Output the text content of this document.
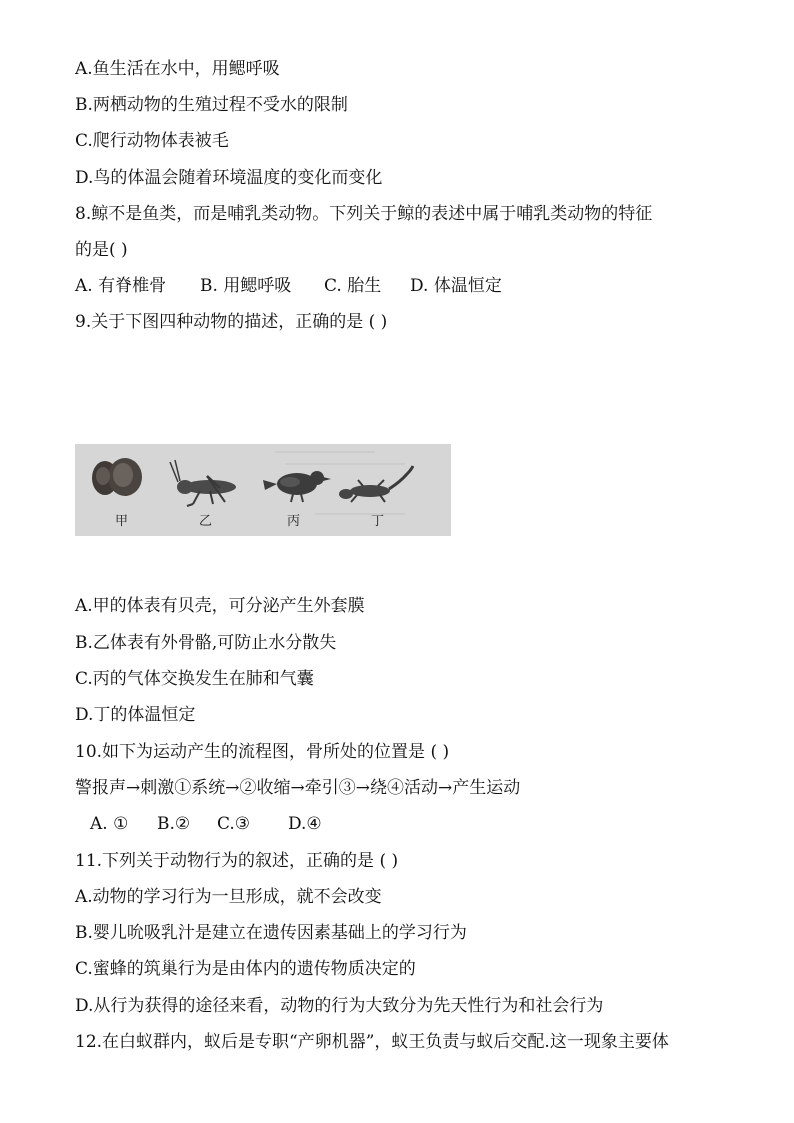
A.鱼生活在水中，用鳃呼吸
B.两栖动物的生殖过程不受水的限制
C.爬行动物体表被毛
D.鸟的体温会随着环境温度的变化而变化
8.鲸不是鱼类，而是哺乳类动物。下列关于鲸的表述中属于哺乳类动物的特征
的是( )
A. 有脊椎骨 B. 用鳃呼吸 C. 胎生 D. 体温恒定
9.关于下图四种动物的描述，正确的是 ( )
甲	乙	丙	丁
A.甲的体表有贝壳，可分泌产生外套膜
B.乙体表有外骨骼,可防止水分散失
C.丙的气体交换发生在肺和气囊
D.丁的体温恒定
10.如下为运动产生的流程图，骨所处的位置是 ( )
警报声→刺激①系统→②收缩→牵引③→绕④活动→产生运动
A. ① B.② C.③ D.④
11.下列关于动物行为的叙述，正确的是 ( )
A.动物的学习行为一旦形成，就不会改变
B.婴儿吮吸乳汁是建立在遗传因素基础上的学习行为
C.蜜蜂的筑巢行为是由体内的遗传物质决定的
D.从行为获得的途径来看，动物的行为大致分为先天性行为和社会行为
12.在白蚁群内，蚁后是专职“产卵机器”，蚁王负责与蚁后交配.这一现象主要体
